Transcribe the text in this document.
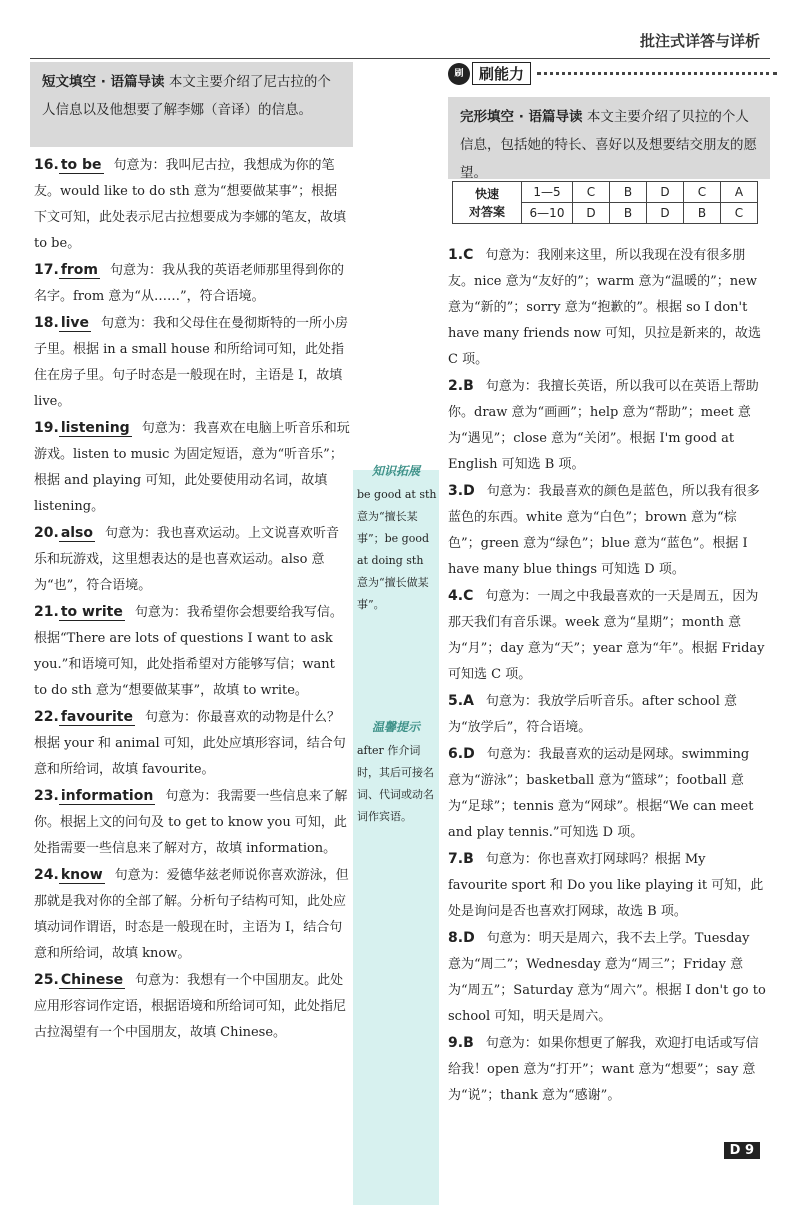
批注式详答与详析
短文填空 · 语篇导读 本文主要介绍了尼古拉的个人信息以及他想要了解李娜（音译）的信息。
16. to be 句意为：我叫尼古拉，我想成为你的笔友。would like to do sth 意为“想要做某事”；根据下文可知，此处表示尼古拉想要成为李娜的笔友，故填 to be。
17. from 句意为：我从我的英语老师那里得到你的名字。from 意为“从……”，符合语境。
18. live 句意为：我和父母住在曼彻斯特的一所小房子里。根据 in a small house 和所给词可知，此处指住在房子里。句子时态是一般现在时，主语是 I，故填 live。
19. listening 句意为：我喜欢在电脑上听音乐和玩游戏。listen to music 为固定短语，意为“听音乐”；根据 and playing 可知，此处要使用动名词，故填 listening。
20. also 句意为：我也喜欢运动。上文说喜欢听音乐和玩游戏，这里想表达的是也喜欢运动。also 意为“也”，符合语境。
21. to write 句意为：我希望你会想要给我写信。根据“There are lots of questions I want to ask you.”和语境可知，此处指希望对方能够写信；want to do sth 意为“想要做某事”，故填 to write。
22. favourite 句意为：你最喜欢的动物是什么？根据 your 和 animal 可知，此处应填形容词，结合句意和所给词，故填 favourite。
23. information 句意为：我需要一些信息来了解你。根据上文的问句及 to get to know you 可知，此处指需要一些信息来了解对方，故填 information。
24. know 句意为：爱德华兹老师说你喜欢游泳，但那就是我对你的全部了解。分析句子结构可知，此处应填动词作谓语，时态是一般现在时，主语为 I，结合句意和所给词，故填 know。
25. Chinese 句意为：我想有一个中国朋友。此处应用形容词作定语，根据语境和所给词可知，此处指尼古拉渴望有一个中国朋友，故填 Chinese。
知识拓展
be good at sth 意为“擅长某事”；be good at doing sth 意为“擅长做某事”。
温馨提示
after 作介词时，其后可接名词、代词或动名词作宾语。
刷	刷能力
完形填空 · 语篇导读 本文主要介绍了贝拉的个人信息，包括她的特长、喜好以及想要结交朋友的愿望。
快速
对答案	1—5	C	B	D	C	A
	6—10	D	B	D	B	C
1.C 句意为：我刚来这里，所以我现在没有很多朋友。nice 意为“友好的”；warm 意为“温暖的”；new 意为“新的”；sorry 意为“抱歉的”。根据 so I don't have many friends now 可知，贝拉是新来的，故选 C 项。
2.B 句意为：我擅长英语，所以我可以在英语上帮助你。draw 意为“画画”；help 意为“帮助”；meet 意为“遇见”；close 意为“关闭”。根据 I'm good at English 可知选 B 项。
3.D 句意为：我最喜欢的颜色是蓝色，所以我有很多蓝色的东西。white 意为“白色”；brown 意为“棕色”；green 意为“绿色”；blue 意为“蓝色”。根据 I have many blue things 可知选 D 项。
4.C 句意为：一周之中我最喜欢的一天是周五，因为那天我们有音乐课。week 意为“星期”；month 意为“月”；day 意为“天”；year 意为“年”。根据 Friday 可知选 C 项。
5.A 句意为：我放学后听音乐。after school 意为“放学后”，符合语境。
6.D 句意为：我最喜欢的运动是网球。swimming 意为“游泳”；basketball 意为“篮球”；football 意为“足球”；tennis 意为“网球”。根据“We can meet and play tennis.”可知选 D 项。
7.B 句意为：你也喜欢打网球吗？根据 My favourite sport 和 Do you like playing it 可知，此处是询问是否也喜欢打网球，故选 B 项。
8.D 句意为：明天是周六，我不去上学。Tuesday 意为“周二”；Wednesday 意为“周三”；Friday 意为“周五”；Saturday 意为“周六”。根据 I don't go to school 可知，明天是周六。
9.B 句意为：如果你想更了解我，欢迎打电话或写信给我！open 意为“打开”；want 意为“想要”；say 意为“说”；thank 意为“感谢”。
D 9
